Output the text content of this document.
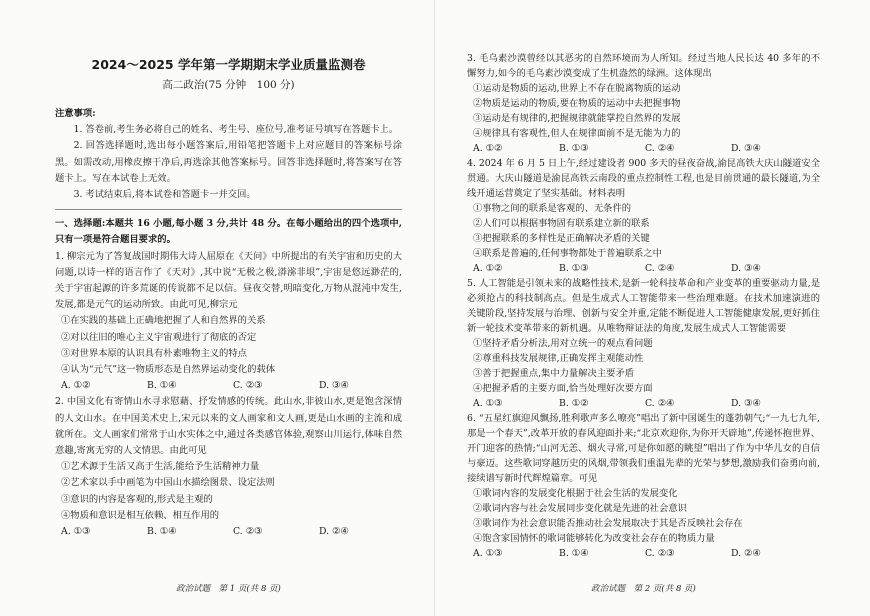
2024～2025 学年第一学期期末学业质量监测卷
高二政治(75 分钟　100 分)
注意事项:
1. 答卷前,考生务必将自己的姓名、考生号、座位号,准考证号填写在答题卡上。
2. 回答选择题时,选出每小题答案后,用铅笔把答题卡上对应题目的答案标号涂黑。如需改动,用橡皮擦干净后,再选涂其他答案标号。回答非选择题时,将答案写在答题卡上。写在本试卷上无效。
3. 考试结束后,将本试卷和答题卡一并交回。
一、选择题:本题共 16 小题,每小题 3 分,共计 48 分。在每小题给出的四个选项中,只有一项是符合题目要求的。
1. 柳宗元为了答复战国时期伟大诗人屈原在《天问》中所提出的有关宇宙和历史的大问题,以诗一样的语言作了《天对》,其中说“无极之极,漭㳽非垠”,宇宙是悠远渺茫的,关于宇宙起源的许多荒诞的传说都不足以信。昼夜交替,明暗变化,万物从混沌中发生,发展,都是元气的运动所致。由此可见,柳宗元
①在实践的基础上正确地把握了人和自然界的关系
②对以往旧的唯心主义宇宙观进行了彻底的否定
③对世界本原的认识具有朴素唯物主义的特点
④认为“元气”这一物质形态是自然界运动变化的载体
A. ①②	B. ①④	C. ②③	D. ③④
2. 中国文化有寄情山水寻求慰藉、抒发情感的传统。此山水,非彼山水,更是饱含深情的人文山水。在中国美术史上,宋元以来的文人画家和文人画,更是山水画的主流和成就所在。文人画家们常常于山水实体之中,通过各类感官体验,观察山川运行,体味自然意趣,寄寓无穷的人文情思。由此可见
①艺术源于生活又高于生活,能给予生活精神力量
②艺术家以手中画笔为中国山水描绘图景、设定法则
③意识的内容是客观的,形式是主观的
④物质和意识是相互依赖、相互作用的
A. ①③	B. ①④	C. ②③	D. ②④
政治试题　第 1 页(共 8 页)
3. 毛乌素沙漠曾经以其恶劣的自然环境而为人所知。经过当地人民长达 40 多年的不懈努力,如今的毛乌素沙漠变成了生机盎然的绿洲。这体现出
①运动是物质的运动,世界上不存在脱离物质的运动
②物质是运动的物质,要在物质的运动中去把握事物
③运动是有规律的,把握规律就能掌控自然界的发展
④规律具有客观性,但人在规律面前不是无能为力的
A. ①②	B. ①③	C. ②④	D. ③④
4. 2024 年 6 月 5 日上午,经过建设者 900 多天的昼夜奋战,渝昆高铁大庆山隧道安全贯通。大庆山隧道是渝昆高铁云南段的重点控制性工程,也是目前贯通的最长隧道,为全线开通运营奠定了坚实基础。材料表明
①事物之间的联系是客观的、无条件的
②人们可以根据事物固有联系建立新的联系
③把握联系的多样性是正确解决矛盾的关键
④联系是普遍的,任何事物都处于普遍联系之中
A. ①②	B. ①③	C. ②④	D. ③④
5. 人工智能是引领未来的战略性技术,是新一轮科技革命和产业变革的重要驱动力量,是必须抢占的科技制高点。但是生成式人工智能带来一些治理难题。在技术加速演进的关键阶段,坚持发展与治理、创新与安全并重,定能不断促进人工智能健康发展,更好抓住新一轮技术变革带来的新机遇。从唯物辩证法的角度,发展生成式人工智能需要
①坚持矛盾分析法,用对立统一的观点看问题
②尊重科技发展规律,正确发挥主观能动性
③善于把握重点,集中力量解决主要矛盾
④把握矛盾的主要方面,恰当处理好次要方面
A. ①③	B. ①②	C. ②④	D. ③④
6. “五星红旗迎风飘扬,胜利歌声多么嘹亮”唱出了新中国诞生的蓬勃朝气;“一九七九年,那是一个春天”,改革开放的春风迎面扑来;“北京欢迎你,为你开天辟地”,传递怀抱世界、开门迎客的热情;“山河无恙、烟火寻常,可是你如愿的眺望”唱出了作为中华儿女的自信与豪迈。这些歌词穿越历史的风烟,带领我们重温先辈的光荣与梦想,激励我们奋勇向前,接续谱写新时代辉煌篇章。可见
①歌词内容的发展变化根据于社会生活的发展变化
②歌词内容与社会发展同步变化就是先进的社会意识
③歌词作为社会意识能否推动社会发展取决于其是否反映社会存在
④饱含家国情怀的歌词能够转化为改变社会存在的物质力量
A. ①③	B. ①④	C. ②③	D. ②④
政治试题　第 2 页(共 8 页)
